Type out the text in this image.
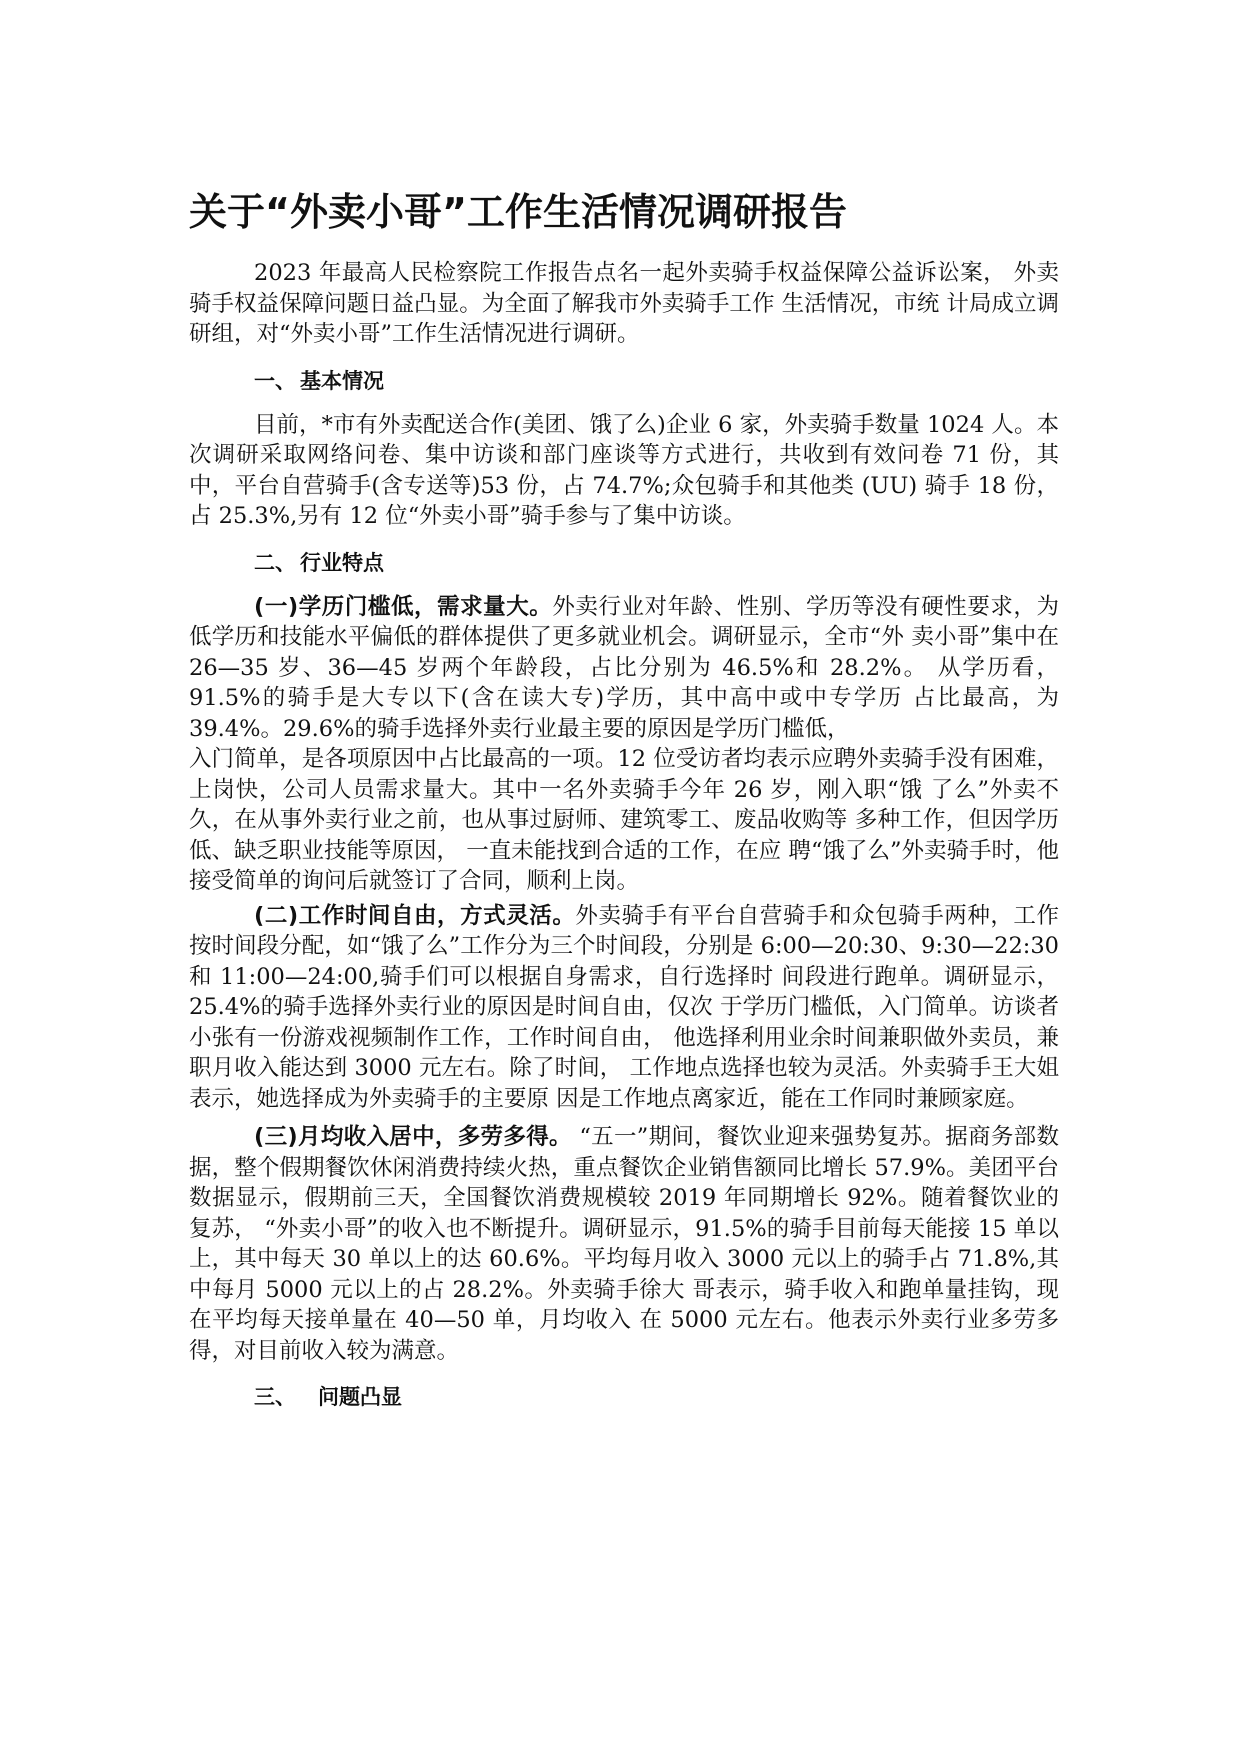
关于“外卖小哥”工作生活情况调研报告

2023 年最高人民检察院工作报告点名一起外卖骑手权益保障公益诉讼案， 外卖骑手权益保障问题日益凸显。为全面了解我市外卖骑手工作 生活情况，市统 计局成立调研组，对“外卖小哥”工作生活情况进行调研。

一、 基本情况

目前，*市有外卖配送合作(美团、饿了么)企业 6 家，外卖骑手数量 1024 人。本次调研采取网络问卷、集中访谈和部门座谈等方式进行，共收到有效问卷 71 份，其中，平台自营骑手(含专送等)53 份，占 74.7%;众包骑手和其他类 (UU) 骑手 18 份，占 25.3%,另有 12 位“外卖小哥”骑手参与了集中访谈。

二、 行业特点

(一)学历门槛低，需求量大。外卖行业对年龄、性别、学历等没有硬性要求，为低学历和技能水平偏低的群体提供了更多就业机会。调研显示，全市“外 卖小哥”集中在 26—35 岁、36—45 岁两个年龄段，占比分别为 46.5%和 28.2%。 从学历看，91.5%的骑手是大专以下(含在读大专)学历，其中高中或中专学历 占比最高，为 39.4%。29.6%的骑手选择外卖行业最主要的原因是学历门槛低，

入门简单，是各项原因中占比最高的一项。12 位受访者均表示应聘外卖骑手没有困难，上岗快，公司人员需求量大。其中一名外卖骑手今年 26 岁，刚入职“饿 了么”外卖不久，在从事外卖行业之前，也从事过厨师、建筑零工、废品收购等 多种工作，但因学历低、缺乏职业技能等原因， 一直未能找到合适的工作，在应 聘“饿了么”外卖骑手时，他接受简单的询问后就签订了合同，顺利上岗。

(二)工作时间自由，方式灵活。外卖骑手有平台自营骑手和众包骑手两种，工作按时间段分配，如“饿了么”工作分为三个时间段，分别是 6:00—20:30、9:30—22:30 和 11:00—24:00,骑手们可以根据自身需求，自行选择时 间段进行跑单。调研显示，25.4%的骑手选择外卖行业的原因是时间自由，仅次 于学历门槛低，入门简单。访谈者小张有一份游戏视频制作工作，工作时间自由， 他选择利用业余时间兼职做外卖员，兼职月收入能达到 3000 元左右。除了时间， 工作地点选择也较为灵活。外卖骑手王大姐表示，她选择成为外卖骑手的主要原 因是工作地点离家近，能在工作同时兼顾家庭。

(三)月均收入居中，多劳多得。 “五一”期间，餐饮业迎来强势复苏。据商务部数据，整个假期餐饮休闲消费持续火热，重点餐饮企业销售额同比增长 57.9%。美团平台数据显示，假期前三天，全国餐饮消费规模较 2019 年同期增长 92%。随着餐饮业的复苏， “外卖小哥”的收入也不断提升。调研显示，91.5%的骑手目前每天能接 15 单以上，其中每天 30 单以上的达 60.6%。平均每月收入 3000 元以上的骑手占 71.8%,其中每月 5000 元以上的占 28.2%。外卖骑手徐大 哥表示，骑手收入和跑单量挂钩，现在平均每天接单量在 40—50 单，月均收入 在 5000 元左右。他表示外卖行业多劳多得，对目前收入较为满意。

三、 问题凸显
